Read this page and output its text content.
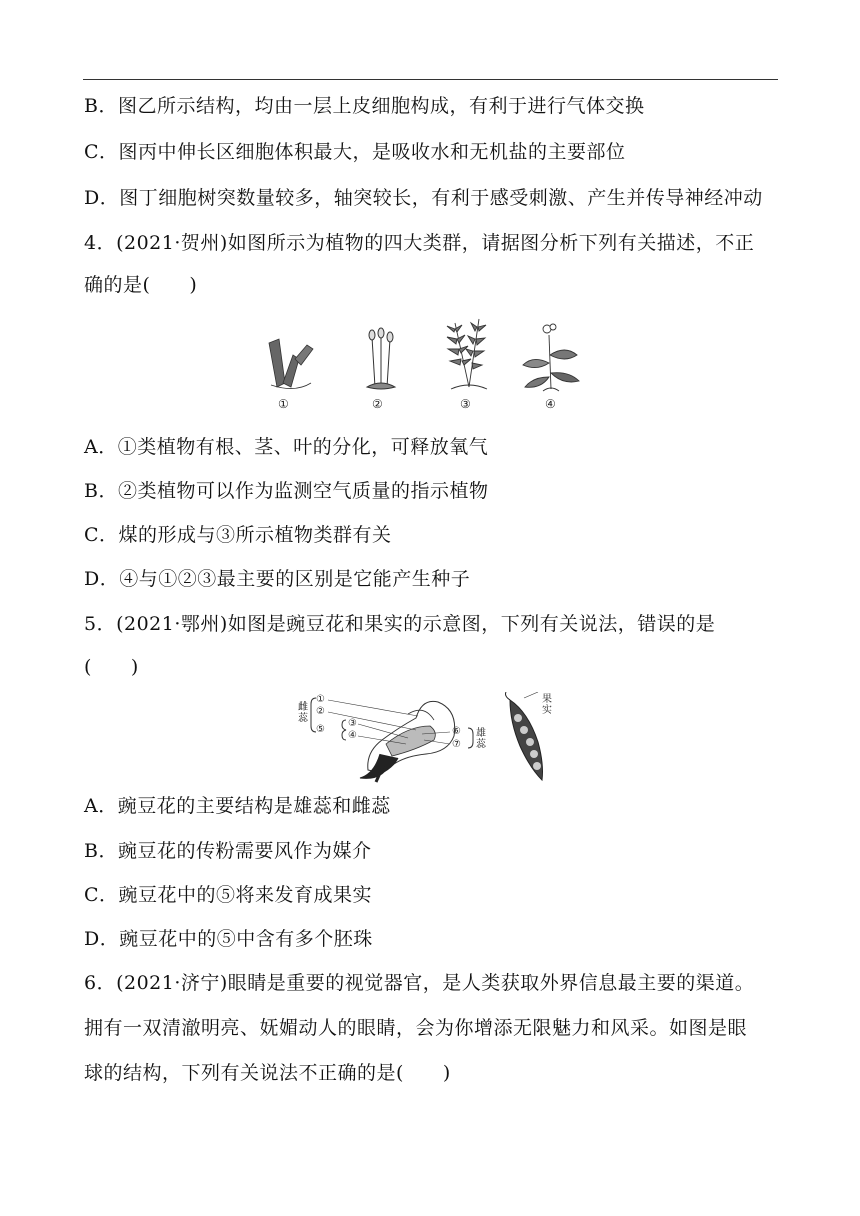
B．图乙所示结构，均由一层上皮细胞构成，有利于进行气体交换
C．图丙中伸长区细胞体积最大，是吸收水和无机盐的主要部位
D．图丁细胞树突数量较多，轴突较长，有利于感受刺激、产生并传导神经冲动
4．(2021·贺州)如图所示为植物的四大类群，请据图分析下列有关描述，不正
确的是(　　)
①	②	③	④
A．①类植物有根、茎、叶的分化，可释放氧气
B．②类植物可以作为监测空气质量的指示植物
C．煤的形成与③所示植物类群有关
D．④与①②③最主要的区别是它能产生种子
5．(2021·鄂州)如图是豌豆花和果实的示意图，下列有关说法，错误的是
(　　)
雌
蕊
①
②
⑤
③
④	⑥
⑦
雄
蕊
果
实
A．豌豆花的主要结构是雄蕊和雌蕊
B．豌豆花的传粉需要风作为媒介
C．豌豆花中的⑤将来发育成果实
D．豌豆花中的⑤中含有多个胚珠
6．(2021·济宁)眼睛是重要的视觉器官，是人类获取外界信息最主要的渠道。
拥有一双清澈明亮、妩媚动人的眼睛，会为你增添无限魅力和风采。如图是眼
球的结构，下列有关说法不正确的是(　　)
